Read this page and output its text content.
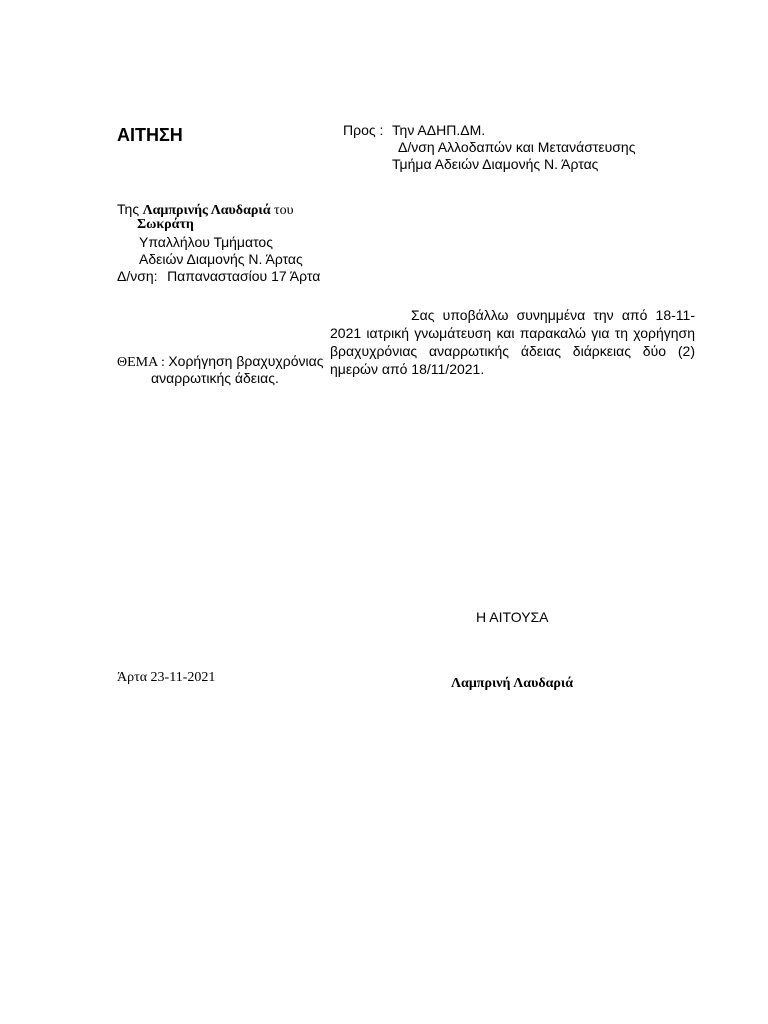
ΑΙΤΗΣΗ	Προς : Την ΑΔΗΠ.ΔΜ.
Δ/νση Αλλοδαπών και Μετανάστευσης
Τμήμα Αδειών Διαμονής Ν. Άρτας
Της Λαμπρινής Λαυδαριά του
Σωκράτη
Υπαλλήλου Τμήματος
Αδειών Διαμονής Ν. Άρτας
Δ/νση: Παπαναστασίου 17 Άρτα
ΘΕΜΑ : Χορήγηση βραχυχρόνιας
αναρρωτικής άδειας.

Σας υποβάλλω συνημμένα την από 18-11-2021 ιατρική γνωμάτευση και παρακαλώ για τη χορήγηση βραχυχρόνιας αναρρωτικής άδειας διάρκειας δύο (2) ημερών από 18/11/2021.

Η ΑΙΤΟΥΣΑ
Λαμπρινή Λαυδαριά
Άρτα 23-11-2021
